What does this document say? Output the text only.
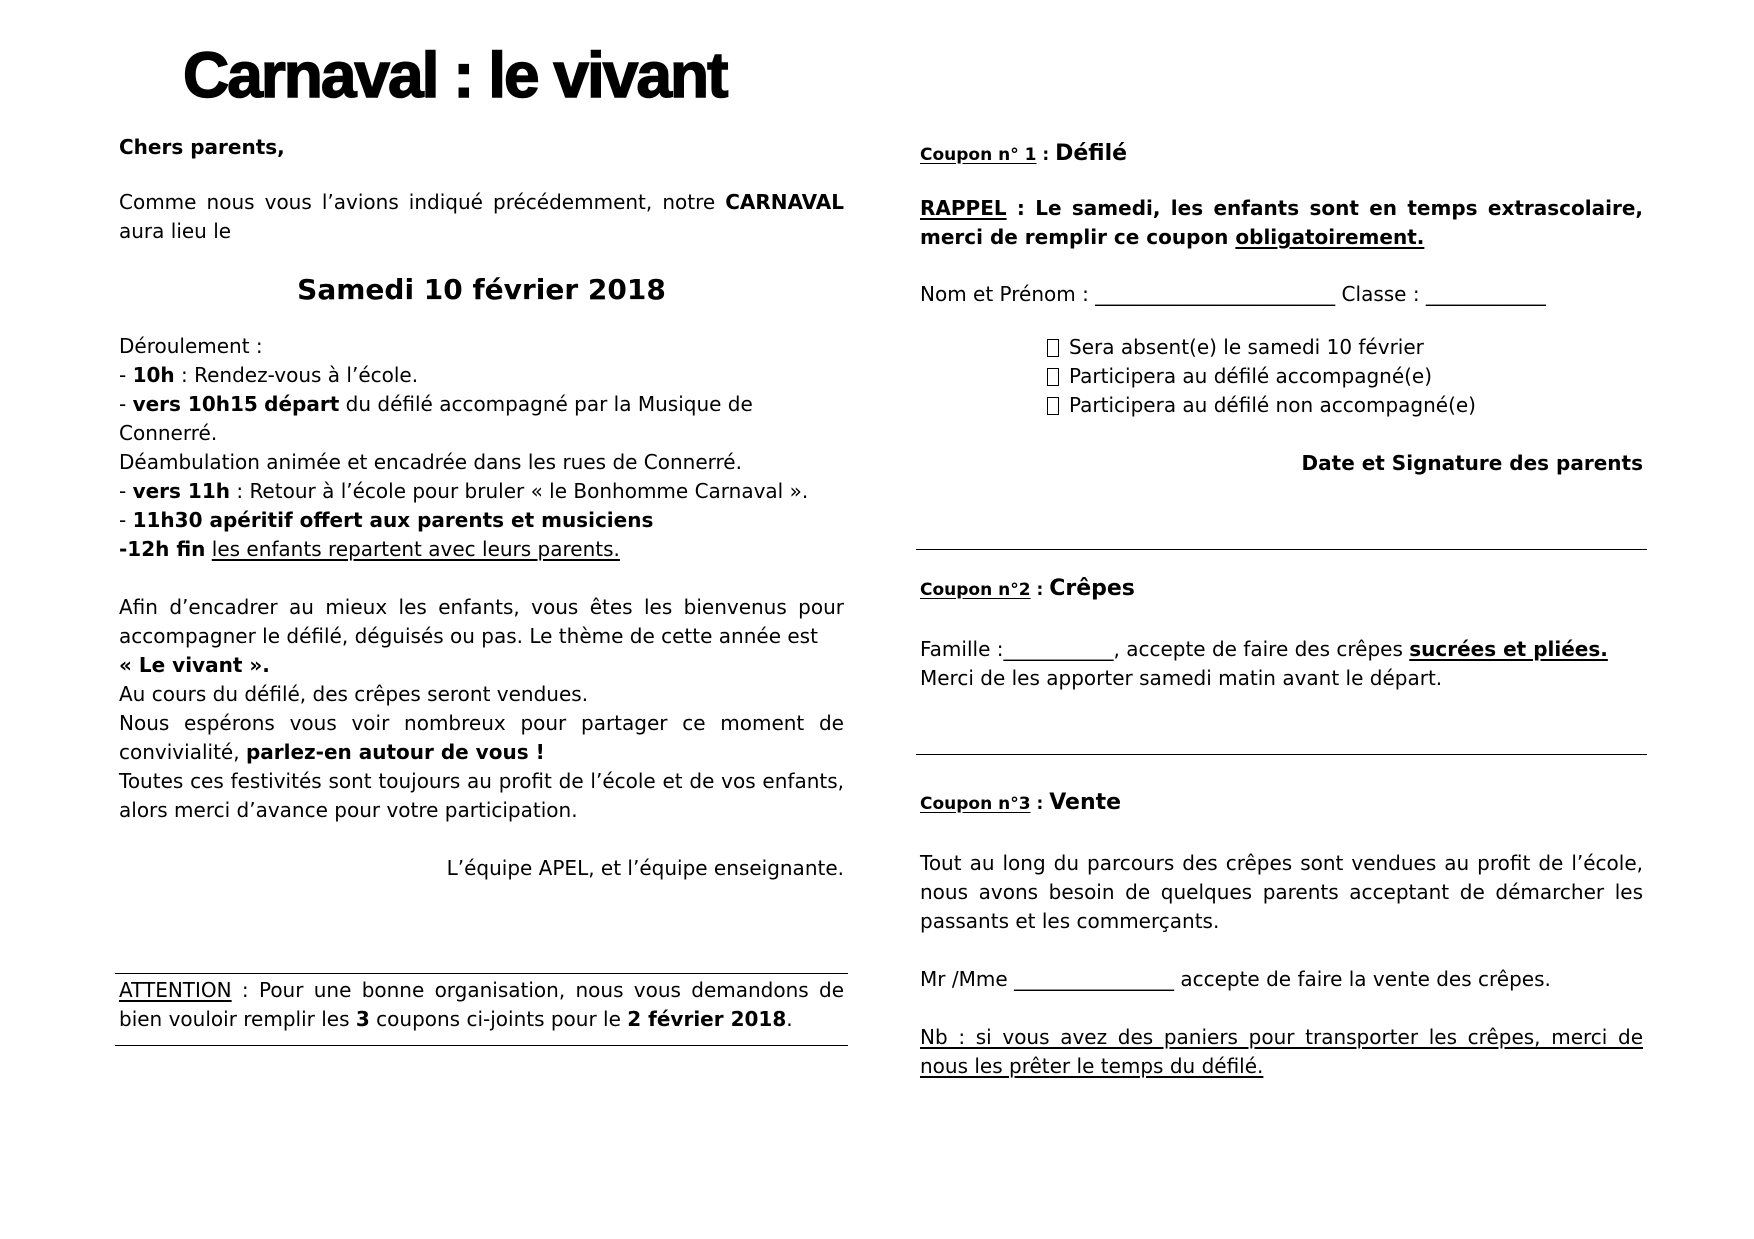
Carnaval : le vivant

Chers parents,

Comme nous vous l’avions indiqué précédemment, notre CARNAVAL aura lieu le

Samedi 10 février 2018

Déroulement :

- 10h : Rendez-vous à l’école.

- vers 10h15 départ du défilé accompagné par la Musique de Connerré.

Déambulation animée et encadrée dans les rues de Connerré.

- vers 11h : Retour à l’école pour bruler « le Bonhomme Carnaval ».

- 11h30 apéritif offert aux parents et musiciens

-12h fin les enfants repartent avec leurs parents.

Afin d’encadrer au mieux les enfants, vous êtes les bienvenus pour accompagner le défilé, déguisés ou pas. Le thème de cette année est

« Le vivant ».

Au cours du défilé, des crêpes seront vendues.

Nous espérons vous voir nombreux pour partager ce moment de convivialité, parlez-en autour de vous !

Toutes ces festivités sont toujours au profit de l’école et de vos enfants, alors merci d’avance pour votre participation.

L’équipe APEL, et l’équipe enseignante.

ATTENTION : Pour une bonne organisation, nous vous demandons de bien vouloir remplir les 3 coupons ci-joints pour le 2 février 2018.

Coupon n° 1 : Défilé

RAPPEL : Le samedi, les enfants sont en temps extrascolaire, merci de remplir ce coupon obligatoirement.

Nom et Prénom : ________________________ Classe : ____________

Sera absent(e) le samedi 10 février
Participera au défilé accompagné(e)
Participera au défilé non accompagné(e)

Date et Signature des parents

Coupon n°2 : Crêpes

Famille :___________, accepte de faire des crêpes sucrées et pliées.

Merci de les apporter samedi matin avant le départ.

Coupon n°3 : Vente

Tout au long du parcours des crêpes sont vendues au profit de l’école, nous avons besoin de quelques parents acceptant de démarcher les passants et les commerçants.

Mr /Mme ________________ accepte de faire la vente des crêpes.

Nb : si vous avez des paniers pour transporter les crêpes, merci de nous les prêter le temps du défilé.
